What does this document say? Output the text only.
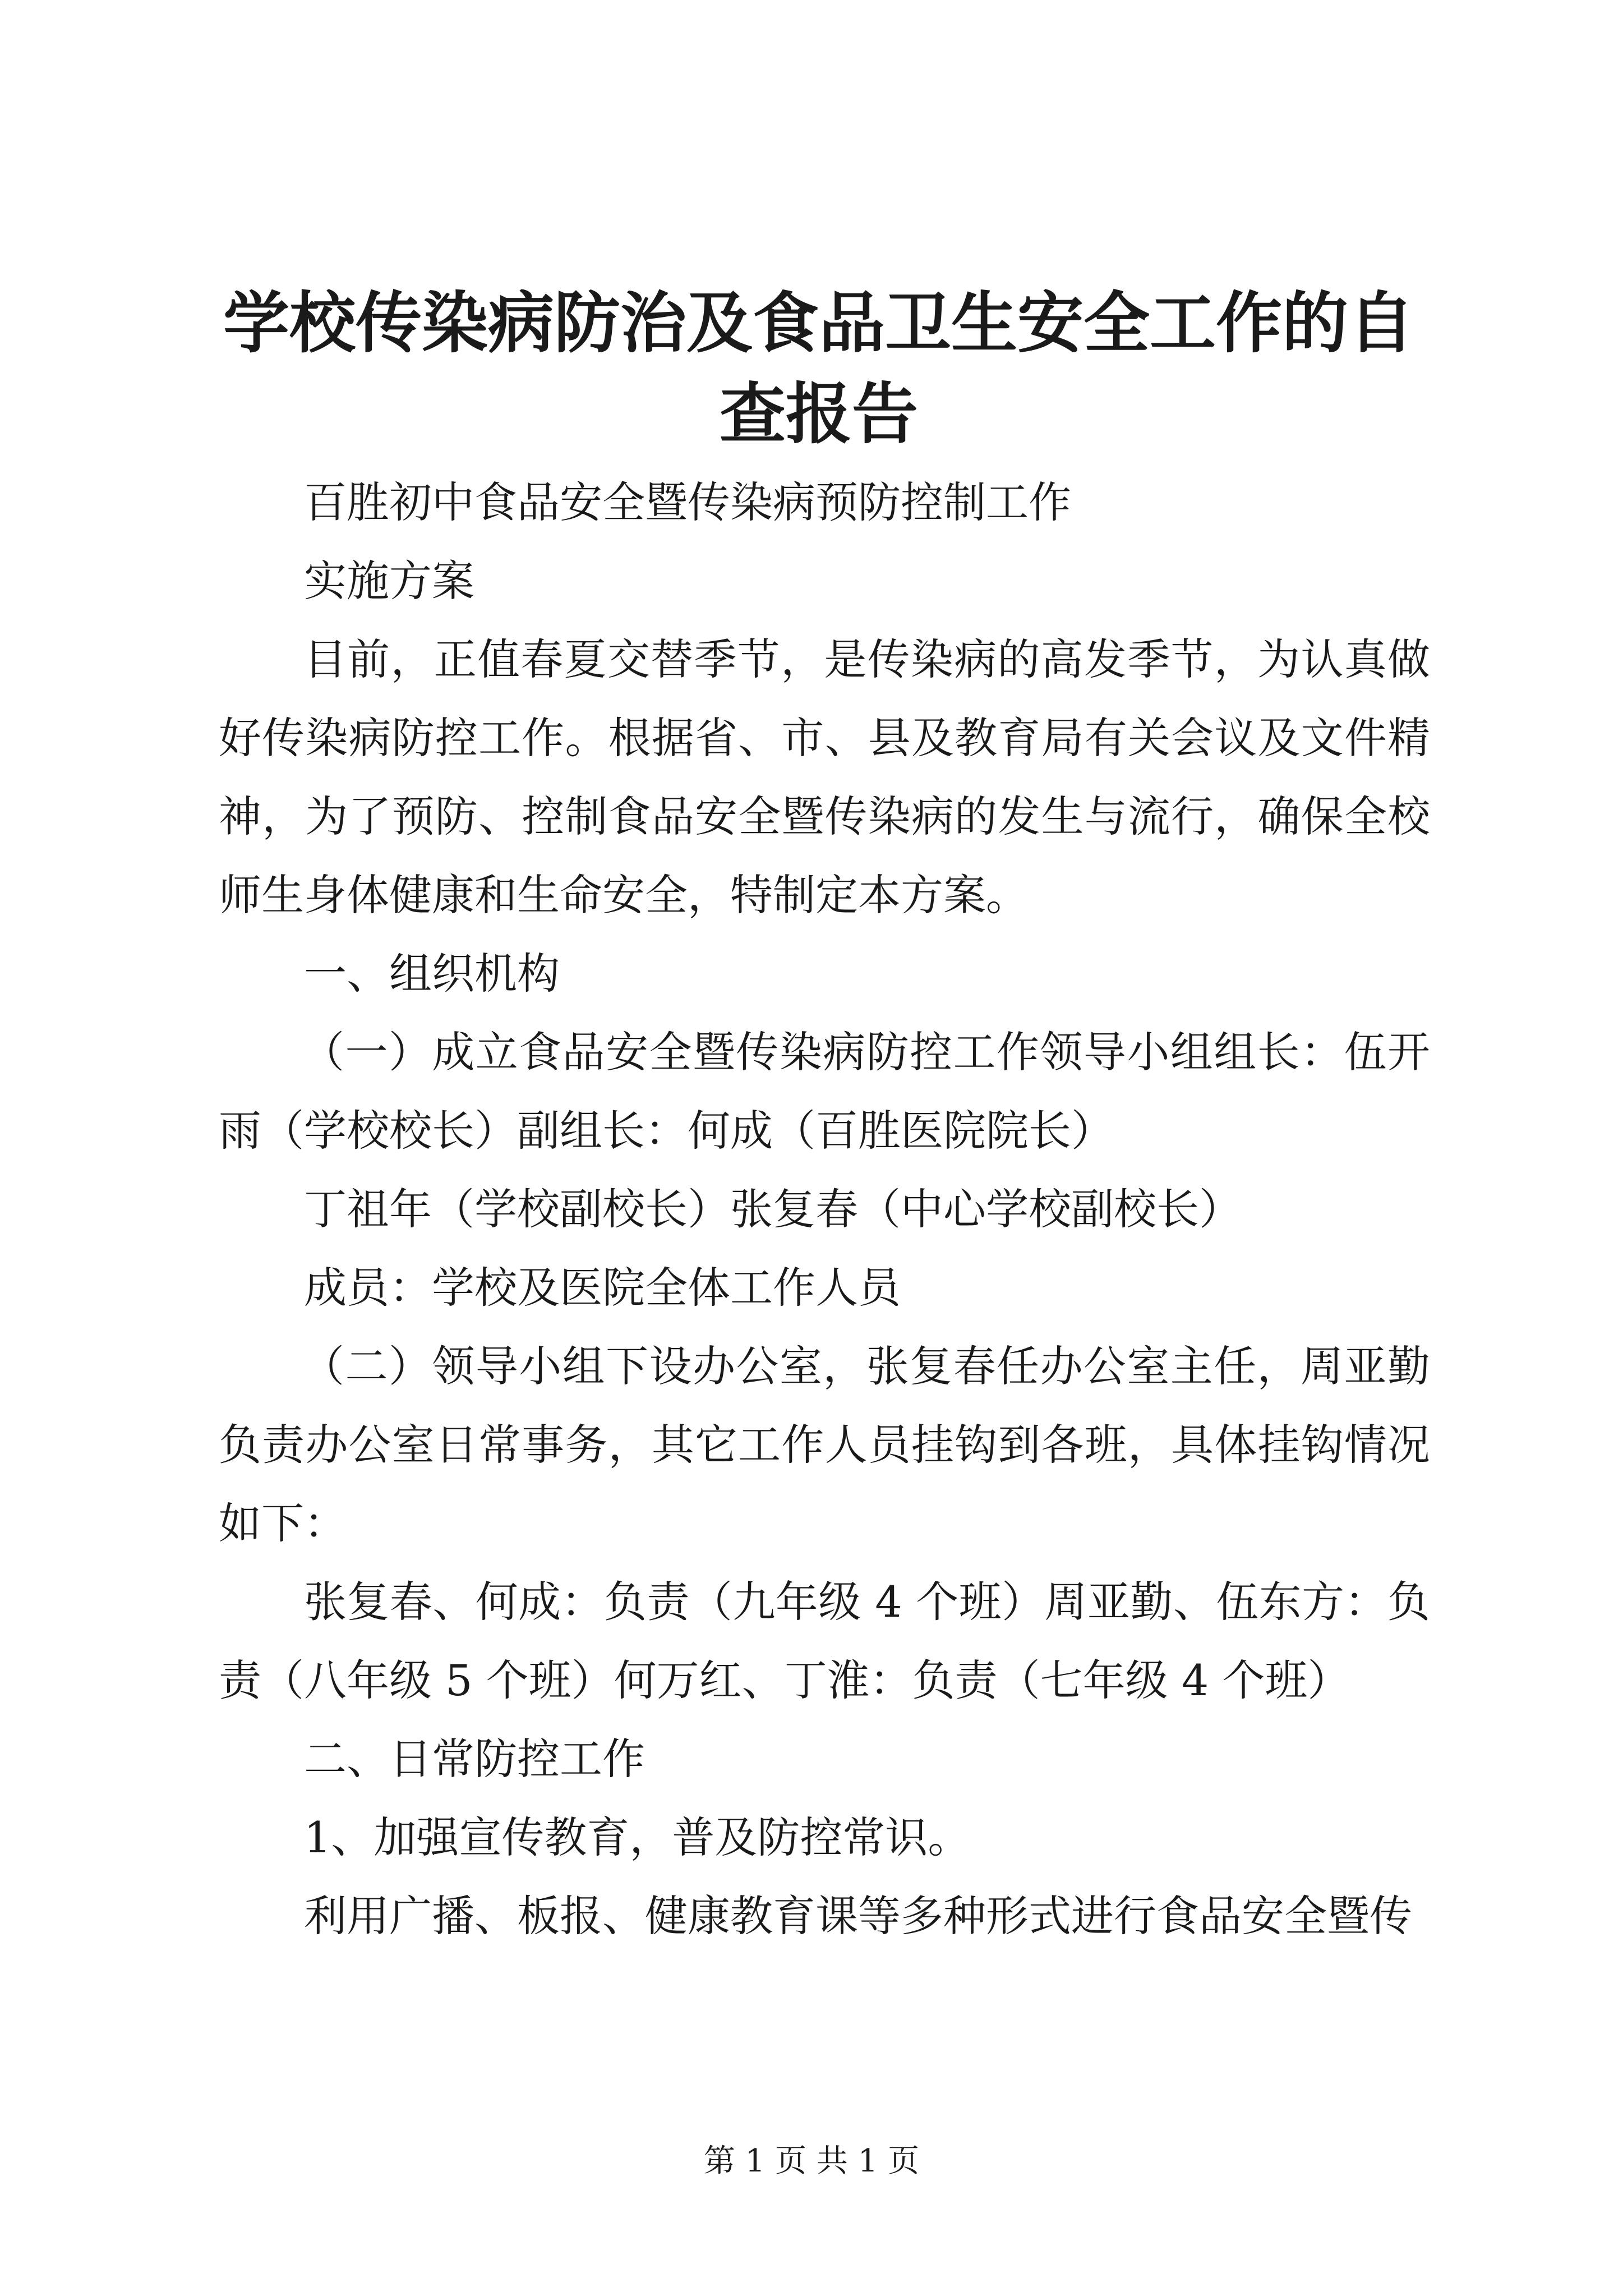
学校传染病防治及食品卫生安全工作的自查报告

百胜初中食品安全暨传染病预防控制工作

实施方案

目前，正值春夏交替季节，是传染病的高发季节，为认真做好传染病防控工作。根据省、市、县及教育局有关会议及文件精神，为了预防、控制食品安全暨传染病的发生与流行，确保全校师生身体健康和生命安全，特制定本方案。

一、组织机构

（一）成立食品安全暨传染病防控工作领导小组组长：伍开雨（学校校长）副组长：何成（百胜医院院长）

丁祖年（学校副校长）张复春（中心学校副校长）

成员：学校及医院全体工作人员

（二）领导小组下设办公室，张复春任办公室主任，周亚勤负责办公室日常事务，其它工作人员挂钩到各班，具体挂钩情况如下：

张复春、何成：负责（九年级 4 个班）周亚勤、伍东方：负责（八年级 5 个班）何万红、丁淮：负责（七年级 4 个班）

二、日常防控工作

1、加强宣传教育，普及防控常识。

利用广播、板报、健康教育课等多种形式进行食品安全暨传

第 1 页 共 1 页
